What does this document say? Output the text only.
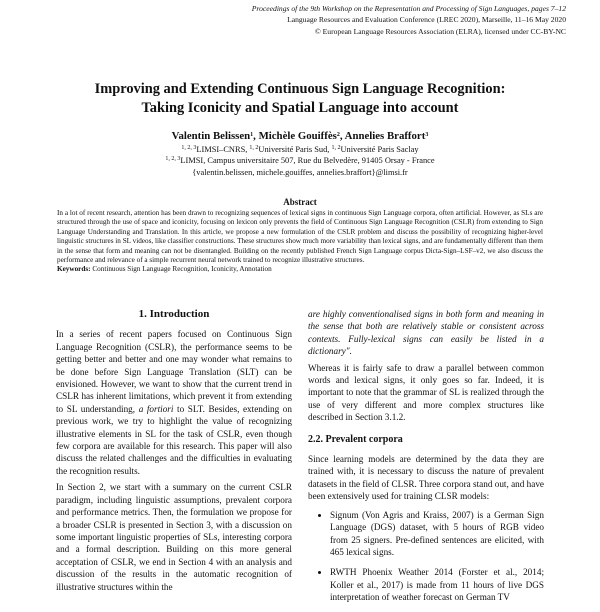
Proceedings of the 9th Workshop on the Representation and Processing of Sign Languages, pages 7–12
Language Resources and Evaluation Conference (LREC 2020), Marseille, 11–16 May 2020
© European Language Resources Association (ELRA), licensed under CC-BY-NC
Improving and Extending Continuous Sign Language Recognition:
Taking Iconicity and Spatial Language into account
Valentin Belissen$^1$, Michèle Gouiffès$^2$, Annelies Braffort$^3$
$^{1, 2, 3}$LIMSI–CNRS, $^{1, 2}$Université Paris Sud, $^{1, 2}$Université Paris Saclay
$^{1, 2, 3}$LIMSI, Campus universitaire 507, Rue du Belvedère, 91405 Orsay - France
{valentin.belissen, michele.gouiffes, annelies.braffort}@limsi.fr
Abstract
In a lot of recent research, attention has been drawn to recognizing sequences of lexical signs in continuous Sign Language corpora, often artificial. However, as SLs are structured through the use of space and iconicity, focusing on lexicon only prevents the field of Continuous Sign Language Recognition (CSLR) from extending to Sign Language Understanding and Translation. In this article, we propose a new formulation of the CSLR problem and discuss the possibility of recognizing higher-level linguistic structures in SL videos, like classifier constructions. These structures show much more variability than lexical signs, and are fundamentally different than them in the sense that form and meaning can not be disentangled. Building on the recently published French Sign Language corpus Dicta-Sign–LSF–v2, we also discuss the performance and relevance of a simple recurrent neural network trained to recognize illustrative structures.
Keywords: Continuous Sign Language Recognition, Iconicity, Annotation
1. Introduction

In a series of recent papers focused on Continuous Sign Language Recognition (CSLR), the performance seems to be getting better and better and one may wonder what remains to be done before Sign Language Translation (SLT) can be envisioned. However, we want to show that the current trend in CSLR has inherent limitations, which prevent it from extending to SL understanding, a fortiori to SLT. Besides, extending on previous work, we try to highlight the value of recognizing illustrative elements in SL for the task of CSLR, even though few corpora are available for this research. This paper will also discuss the related challenges and the difficulties in evaluating the recognition results.

In Section 2, we start with a summary on the current CSLR paradigm, including linguistic assumptions, prevalent corpora and performance metrics. Then, the formulation we propose for a broader CSLR is presented in Section 3, with a discussion on some important linguistic properties of SLs, interesting corpora and a formal description. Building on this more general acceptation of CSLR, we end in Section 4 with an analysis and discussion of the results in the automatic recognition of illustrative structures within the

are highly conventionalised signs in both form and meaning in the sense that both are relatively stable or consistent across contexts. Fully-lexical signs can easily be listed in a dictionary".

Whereas it is fairly safe to draw a parallel between common words and lexical signs, it only goes so far. Indeed, it is important to note that the grammar of SL is realized through the use of very different and more complex structures like described in Section 3.1.2.

2.2. Prevalent corpora

Since learning models are determined by the data they are trained with, it is necessary to discuss the nature of prevalent datasets in the field of CLSR. Three corpora stand out, and have been extensively used for training CLSR models:

• Signum (Von Agris and Kraiss, 2007) is a German Sign Language (DGS) dataset, with 5 hours of RGB video from 25 signers. Pre-defined sentences are elicited, with 465 lexical signs.
• RWTH Phoenix Weather 2014 (Forster et al., 2014; Koller et al., 2017) is made from 11 hours of live DGS interpretation of weather forecast on German TV
